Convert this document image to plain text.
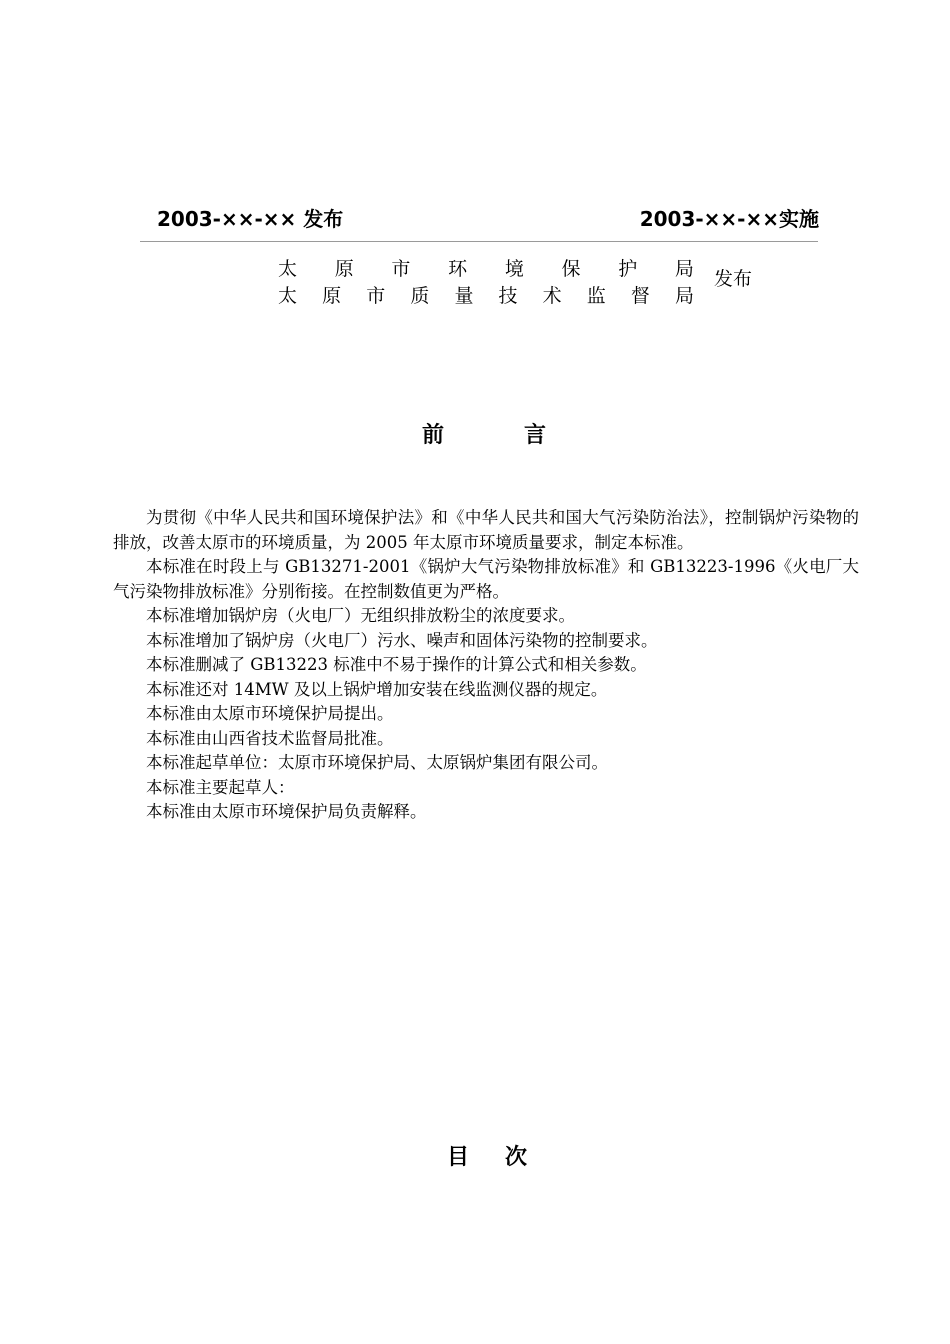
2003-××-×× 发布	2003-××-××实施
太 原 市 环 境 保 护 局
太 原 市 质 量 技 术 监 督 局
发布
前	言

为贯彻《中华人民共和国环境保护法》和《中华人民共和国大气污染防治法》，控制锅炉污染物的排放，改善太原市的环境质量，为 2005 年太原市环境质量要求，制定本标准。

本标准在时段上与 GB13271-2001《锅炉大气污染物排放标准》和 GB13223-1996《火电厂大气污染物排放标准》分别衔接。在控制数值更为严格。

本标准增加锅炉房（火电厂）无组织排放粉尘的浓度要求。

本标准增加了锅炉房（火电厂）污水、噪声和固体污染物的控制要求。

本标准删减了 GB13223 标准中不易于操作的计算公式和相关参数。

本标准还对 14MW 及以上锅炉增加安装在线监测仪器的规定。

本标准由太原市环境保护局提出。

本标准由山西省技术监督局批准。

本标准起草单位：太原市环境保护局、太原锅炉集团有限公司。

本标准主要起草人：

本标准由太原市环境保护局负责解释。

目 次
